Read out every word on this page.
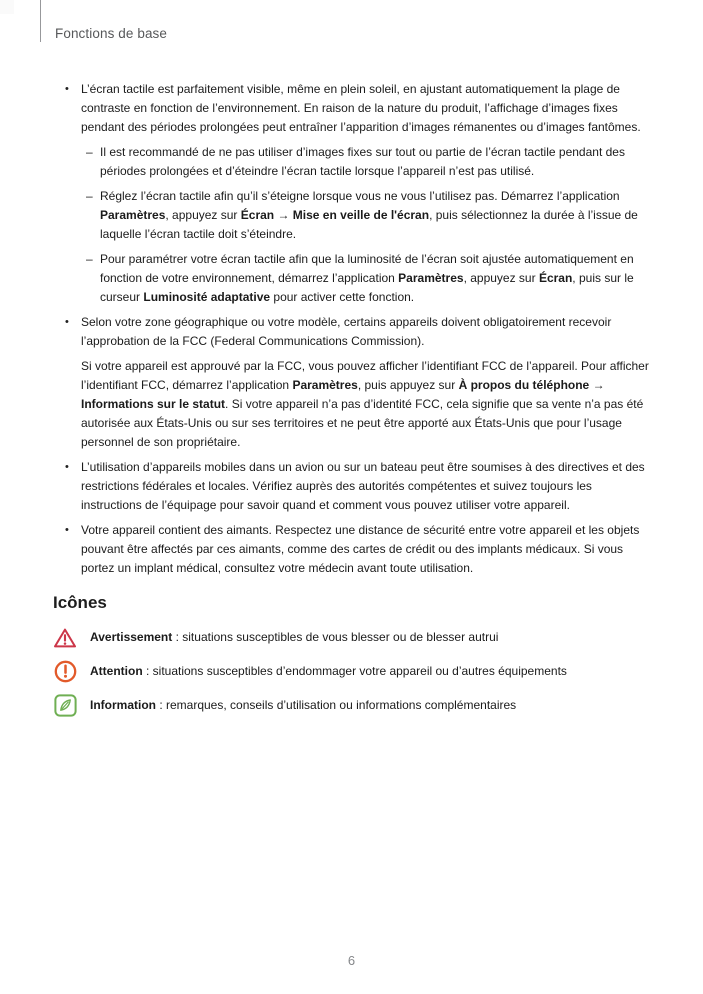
Fonctions de base
•	L’écran tactile est parfaitement visible, même en plein soleil, en ajustant automatiquement la plage de contraste en fonction de l’environnement. En raison de la nature du produit, l’affichage d’images fixes pendant des périodes prolongées peut entraîner l’apparition d’images rémanentes ou d’images fantômes.
– Il est recommandé de ne pas utiliser d’images fixes sur tout ou partie de l’écran tactile pendant des périodes prolongées et d’éteindre l’écran tactile lorsque l’appareil n’est pas utilisé.
– Réglez l’écran tactile afin qu’il s’éteigne lorsque vous ne vous l’utilisez pas. Démarrez l’application Paramètres, appuyez sur Écran → Mise en veille de l'écran, puis sélectionnez la durée à l’issue de laquelle l’écran tactile doit s’éteindre.
– Pour paramétrer votre écran tactile afin que la luminosité de l’écran soit ajustée automatiquement en fonction de votre environnement, démarrez l’application Paramètres, appuyez sur Écran, puis sur le curseur Luminosité adaptative pour activer cette fonction.
•	Selon votre zone géographique ou votre modèle, certains appareils doivent obligatoirement recevoir l’approbation de la FCC (Federal Communications Commission).
Si votre appareil est approuvé par la FCC, vous pouvez afficher l’identifiant FCC de l’appareil. Pour afficher l’identifiant FCC, démarrez l’application Paramètres, puis appuyez sur À propos du téléphone → Informations sur le statut. Si votre appareil n’a pas d’identité FCC, cela signifie que sa vente n’a pas été autorisée aux États-Unis ou sur ses territoires et ne peut être apporté aux États-Unis que pour l’usage personnel de son propriétaire.
•	L’utilisation d’appareils mobiles dans un avion ou sur un bateau peut être soumises à des directives et des restrictions fédérales et locales. Vérifiez auprès des autorités compétentes et suivez toujours les instructions de l’équipage pour savoir quand et comment vous pouvez utiliser votre appareil.
•	Votre appareil contient des aimants. Respectez une distance de sécurité entre votre appareil et les objets pouvant être affectés par ces aimants, comme des cartes de crédit ou des implants médicaux. Si vous portez un implant médical, consultez votre médecin avant toute utilisation.
Icônes
Avertissement : situations susceptibles de vous blesser ou de blesser autrui
Attention : situations susceptibles d’endommager votre appareil ou d’autres équipements
Information : remarques, conseils d’utilisation ou informations complémentaires
6
